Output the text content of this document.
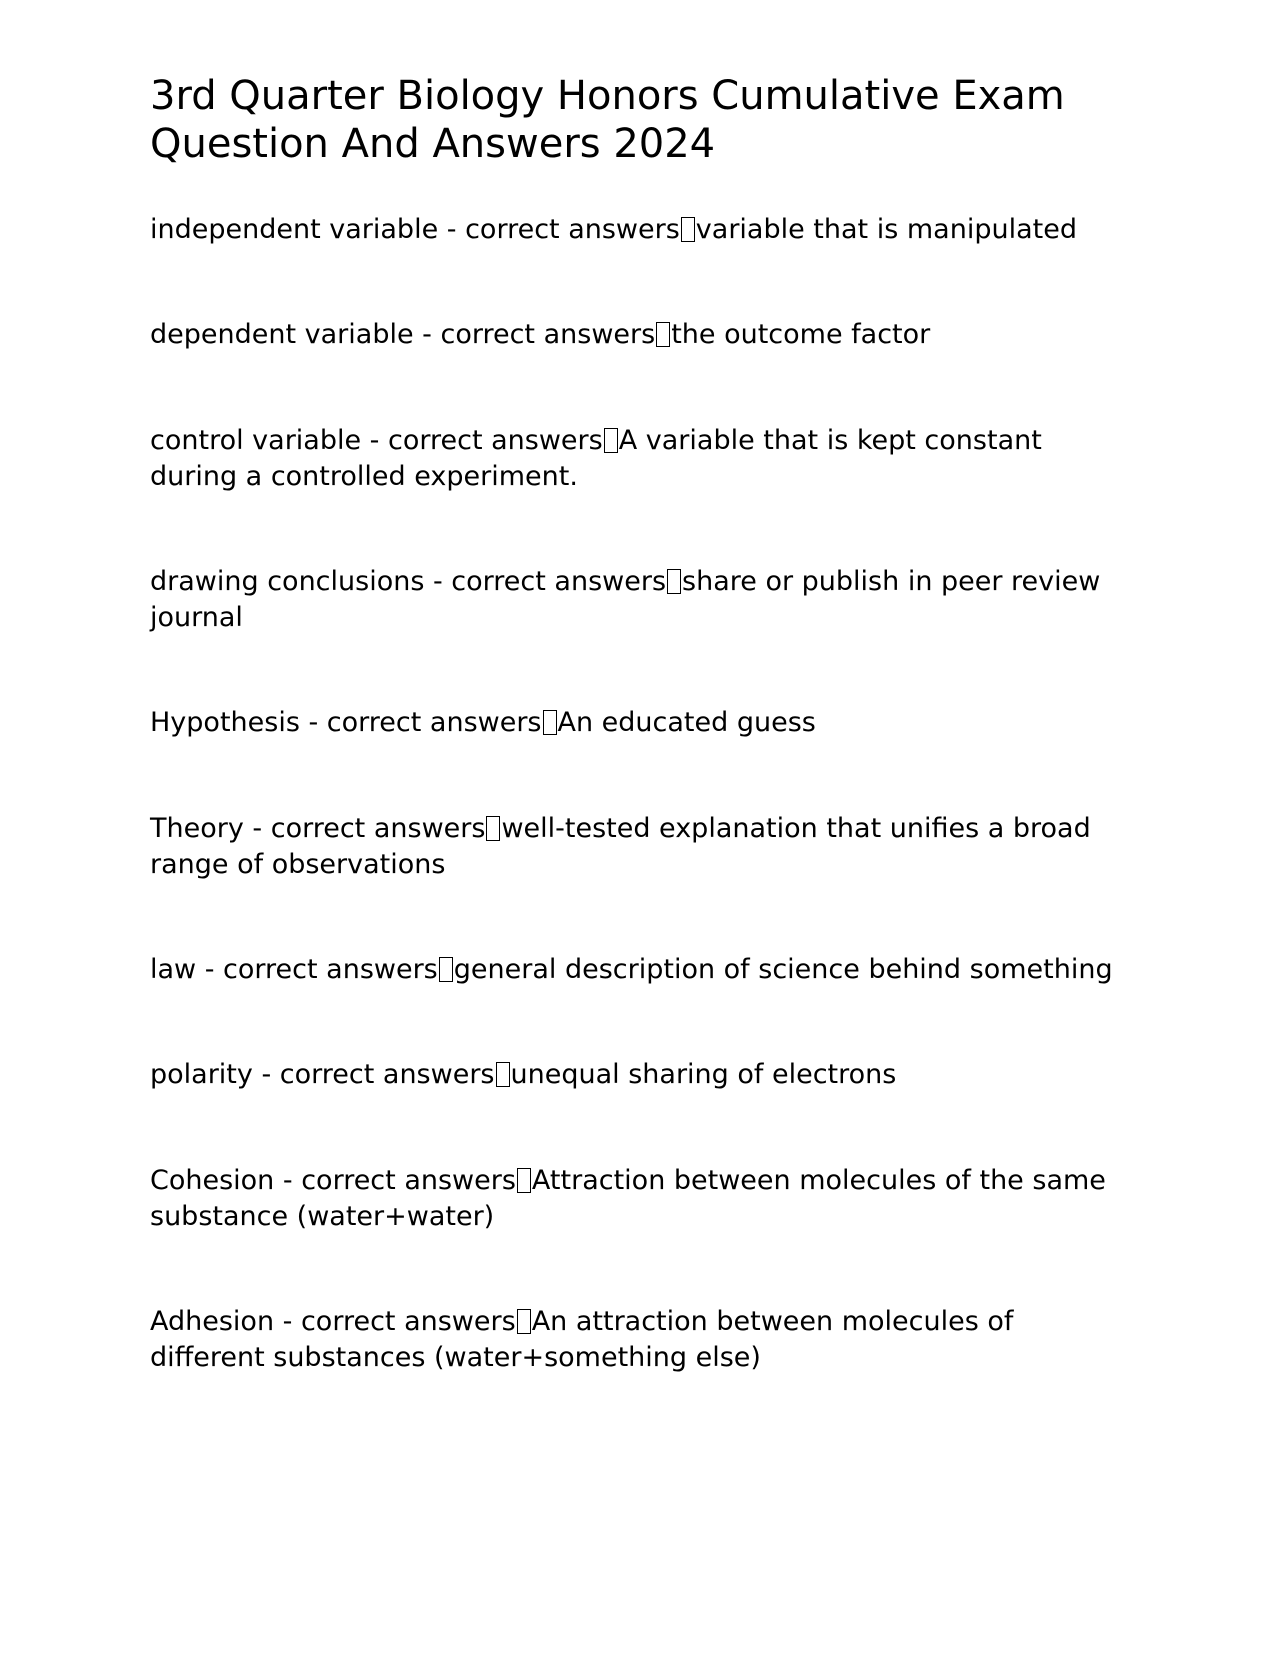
3rd Quarter Biology Honors Cumulative Exam Question And Answers 2024

independent variable - correct answers variable that is manipulated

dependent variable - correct answers the outcome factor

control variable - correct answers A variable that is kept constant during a controlled experiment.

drawing conclusions - correct answers share or publish in peer review journal

Hypothesis - correct answers An educated guess

Theory - correct answers well-tested explanation that unifies a broad range of observations

law - correct answers general description of science behind something

polarity - correct answers unequal sharing of electrons

Cohesion - correct answers Attraction between molecules of the same substance (water+water)

Adhesion - correct answers An attraction between molecules of different substances (water+something else)
